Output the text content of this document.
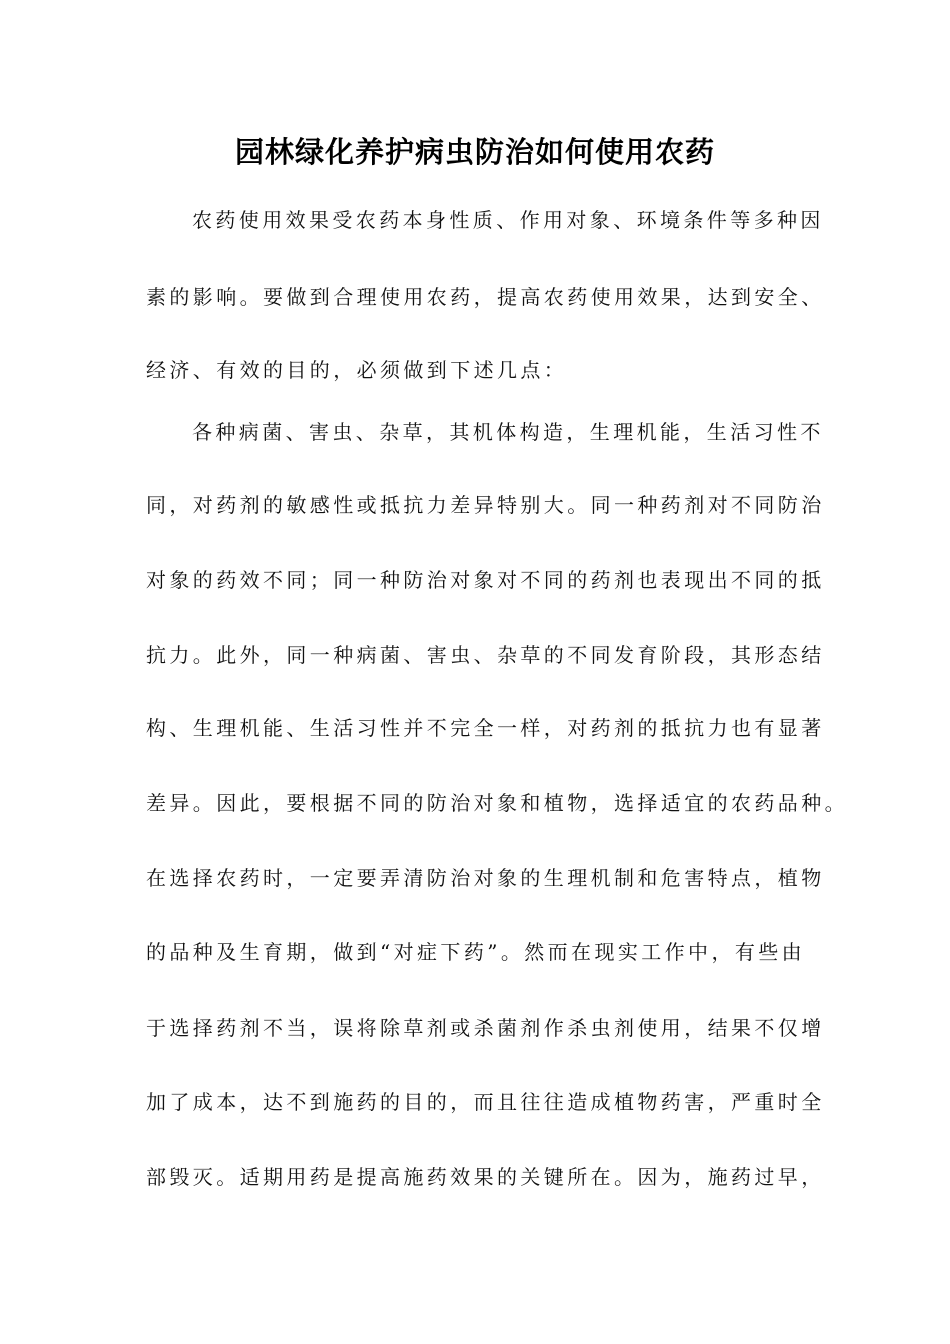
园林绿化养护病虫防治如何使用农药
农药使用效果受农药本身性质、作用对象、环境条件等多种因
素的影响。要做到合理使用农药，提高农药使用效果，达到安全、
经济、有效的目的，必须做到下述几点：
各种病菌、害虫、杂草，其机体构造，生理机能，生活习性不
同，对药剂的敏感性或抵抗力差异特别大。同一种药剂对不同防治
对象的药效不同；同一种防治对象对不同的药剂也表现出不同的抵
抗力。此外，同一种病菌、害虫、杂草的不同发育阶段，其形态结
构、生理机能、生活习性并不完全一样，对药剂的抵抗力也有显著
差异。因此，要根据不同的防治对象和植物，选择适宜的农药品种。
在选择农药时，一定要弄清防治对象的生理机制和危害特点，植物
的品种及生育期，做到“对症下药”。然而在现实工作中，有些由
于选择药剂不当，误将除草剂或杀菌剂作杀虫剂使用，结果不仅增
加了成本，达不到施药的目的，而且往往造成植物药害，严重时全
部毁灭。适期用药是提高施药效果的关键所在。因为，施药过早，
